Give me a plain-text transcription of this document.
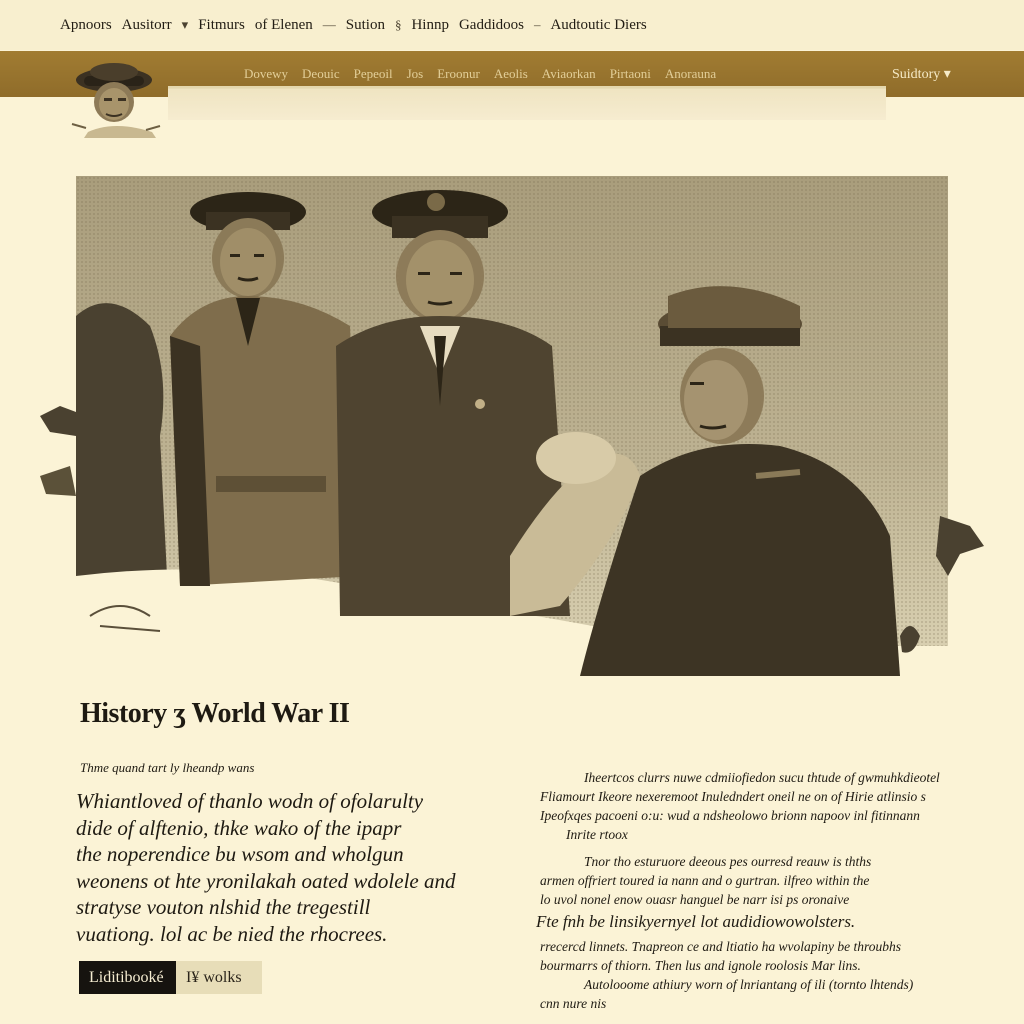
Apnoors Ausitorr ▾ Fitmurs of Elenen — Sution § Hinnp Gaddidoos – Audtoutic Diers
Dovewy Deouic Pepeoil Jos Eroonur Aeolis Aviaorkan Pirtaoni Anorauna	Suidtory ▾
History ʒ World War II
Thme quand tart ly lheandp wans

Whiantloved of thanlo wodn of ofolarulty

dide of alftenio, thke wako of the ipapr

the noperendice bu wsom and wholgun

weonens ot hte yronilakah oated wdolele and

stratyse vouton nlshid the tregestill

vuationg. lol ac be nied the rhocrees.

Iheertcos clurrs nuwe cdmiiofiedon sucu thtude of gwmuhkdieotel

Fliamourt Ikeore nexeremoot Inuledndert oneil ne on of Hirie atlinsio s

Ipeofxqes pacoeni o:u: wud a ndsheolowo brionn napoov inl fitinnann

Inrite rtoox

Tnor tho esturuore deeous pes ourresd reauw is thths

armen offriert toured ia nann and o gurtran. ilfreo within the

lo uvol nonel enow ouasr hanguel be narr isi ps oronaive

Fte fnh be linsikyernyel lot audidiowowolsters.

rrecercd linnets. Tnapreon ce and ltiatio ha wvolapiny be throubhs

bourmarrs of thiorn. Then lus and ignole roolosis Mar lins.

Autolooome athiury worn of lnriantang of ili (tornto lhtends)

cnn nure nis

Liditibooké	I¥ wolks
